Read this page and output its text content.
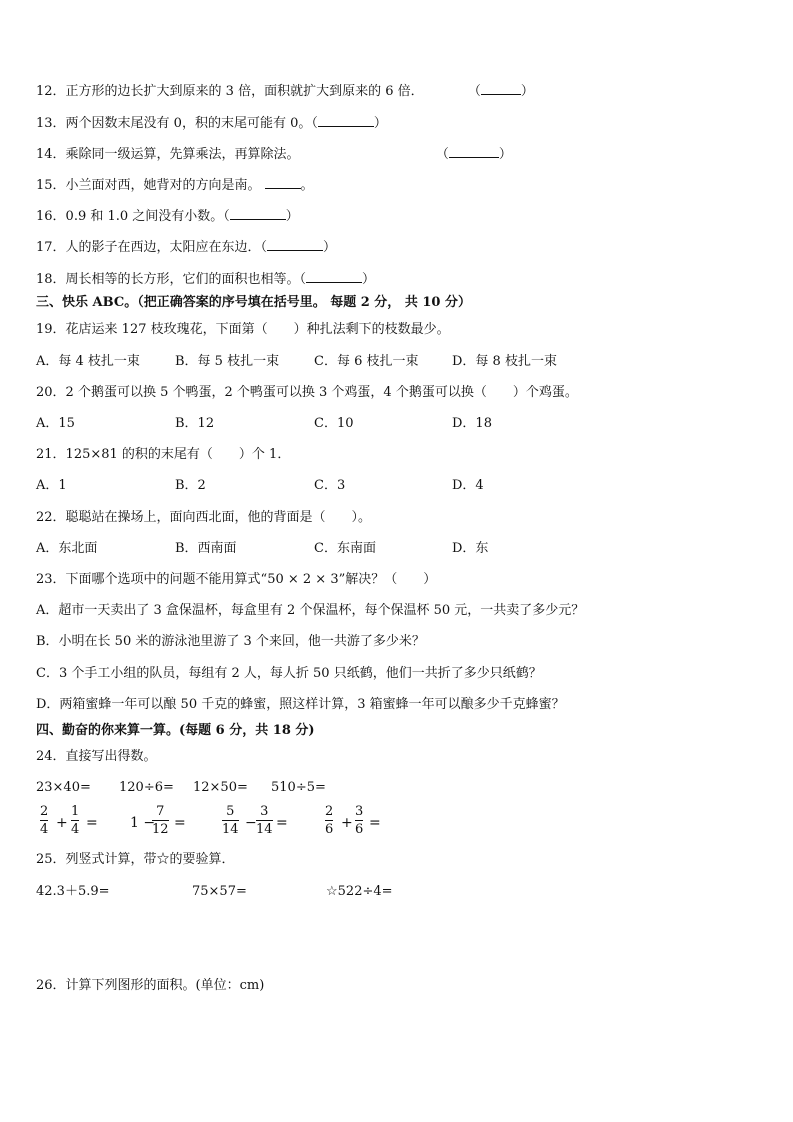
12．正方形的边长扩大到原来的 3 倍，面积就扩大到原来的 6 倍．	（	）
13．两个因数末尾没有 0，积的末尾可能有 0。（	）
14．乘除同一级运算，先算乘法，再算除法。	（	）
15．小兰面对西，她背对的方向是南。	。
16．0.9 和 1.0 之间没有小数。（	）
17．人的影子在西边，太阳应在东边．（	）
18．周长相等的长方形，它们的面积也相等。（	）
三、快乐 ABC。（把正确答案的序号填在括号里。 每题 2 分， 共 10 分）
19．花店运来 127 枝玫瑰花，下面第（　　）种扎法剩下的枝数最少。
A．每 4 枝扎一束	B．每 5 枝扎一束	C．每 6 枝扎一束	D．每 8 枝扎一束
20．2 个鹅蛋可以换 5 个鸭蛋，2 个鸭蛋可以换 3 个鸡蛋，4 个鹅蛋可以换（　　）个鸡蛋。
A．15	B．12	C．10	D．18
21．125×81 的积的末尾有（　　）个 1．
A．1	B．2	C．3	D．4
22．聪聪站在操场上，面向西北面，他的背面是（　　）。
A．东北面	B．西南面	C．东南面	D．东
23．下面哪个选项中的问题不能用算式“50 × 2 × 3”解决？（　　）
A．超市一天卖出了 3 盒保温杯，每盒里有 2 个保温杯，每个保温杯 50 元，一共卖了多少元？
B．小明在长 50 米的游泳池里游了 3 个来回，他一共游了多少米？
C．3 个手工小组的队员，每组有 2 人，每人折 50 只纸鹤，他们一共折了多少只纸鹤？
D．两箱蜜蜂一年可以酿 50 千克的蜂蜜，照这样计算，3 箱蜜蜂一年可以酿多少千克蜂蜜？
四、勤奋的你来算一算。(每题 6 分，共 18 分)
24．直接写出得数。
23×40= 120÷6= 12×50= 510÷5=
2
4 +
1
4 = 1 −
7
12 =
5
14 −
3
14 =
2
6 +
3
6 =
25．列竖式计算，带☆的要验算．
42.3＋5.9=	75×57=	☆522÷4=
26．计算下列图形的面积。(单位：cm)
